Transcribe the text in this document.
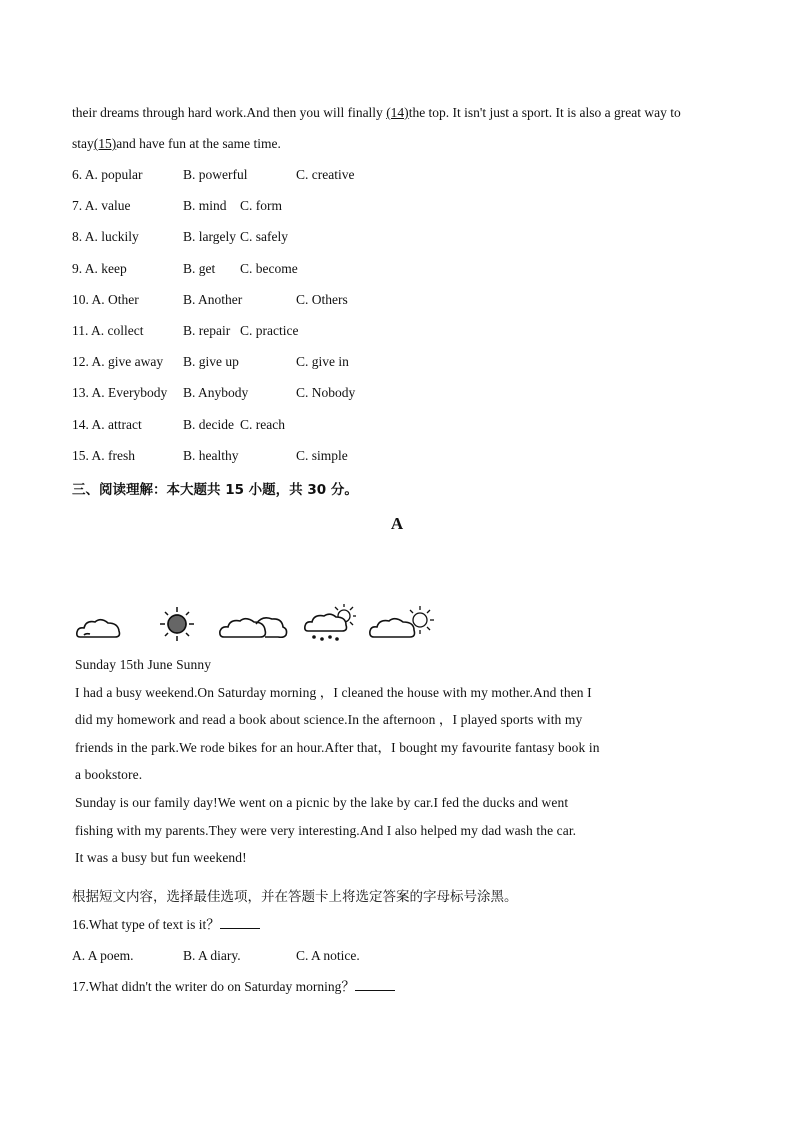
their dreams through hard work.And then you will finally (14)the top. It isn't just a sport. It is also a great way to
stay(15)and have fun at the same time.
6. A. popular	B. powerful	C. creative
7. A. value	B. mind C. form
8. A. luckily	B. largely C. safely
9. A. keep	B. get C. become
10. A. Other	B. Another	C. Others
11. A. collect	B. repair C. practice
12. A. give away B. give up	C. give in
13. A. Everybody B. Anybody	C. Nobody
14. A. attract	B. decide C. reach
15. A. fresh	B. healthy	C. simple
三、阅读理解：本大题共 15 小题，共 30 分。
A
Sunday 15th June Sunny
I had a busy weekend.On Saturday morning ，I cleaned the house with my mother.And then I
did my homework and read a book about science.In the afternoon ，I played sports with my
friends in the park.We rode bikes for an hour.After that，I bought my favourite fantasy book in
a bookstore.
Sunday is our family day!We went on a picnic by the lake by car.I fed the ducks and went
fishing with my parents.They were very interesting.And I also helped my dad wash the car.
It was a busy but fun weekend!
根据短文内容，选择最佳选项，并在答题卡上将选定答案的字母标号涂黑。
16.What type of text is it？
A. A poem.	B. A diary.	C. A notice.
17.What didn't the writer do on Saturday morning？
